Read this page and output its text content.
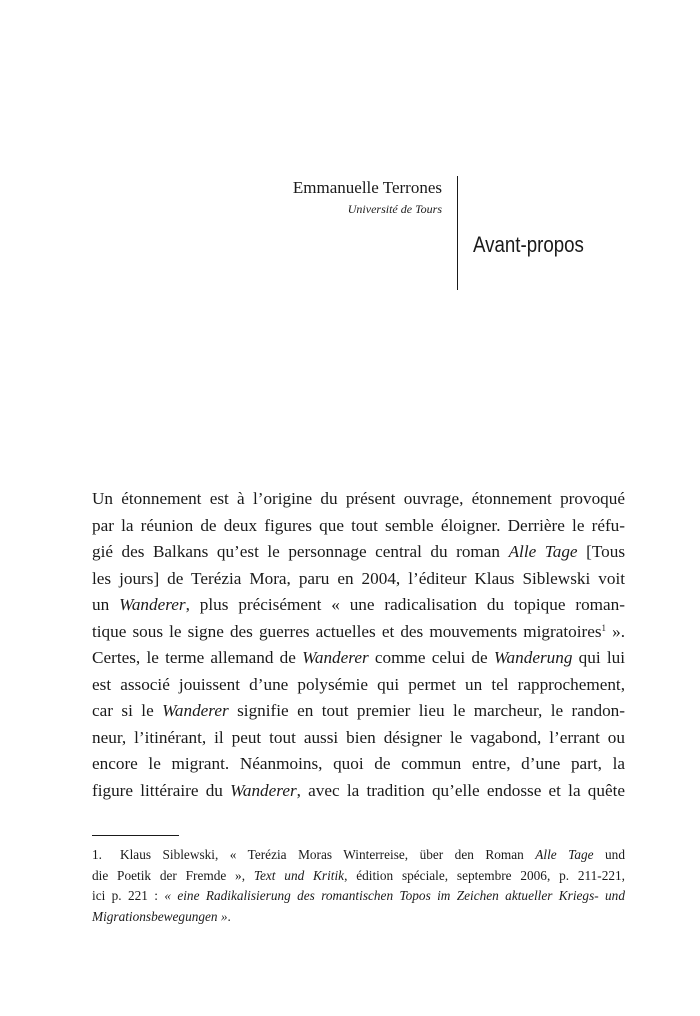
Emmanuelle Terrones
Université de Tours
Avant-propos
Un étonnement est à l’origine du présent ouvrage, étonnement provoqué
par la réunion de deux figures que tout semble éloigner. Derrière le réfu-
gié des Balkans qu’est le personnage central du roman Alle Tage [Tous
les jours] de Terézia Mora, paru en 2004, l’éditeur Klaus Siblewski voit
un Wanderer, plus précisément « une radicalisation du topique roman-
tique sous le signe des guerres actuelles et des mouvements migratoires$^1$ ».
Certes, le terme allemand de Wanderer comme celui de Wanderung qui lui
est associé jouissent d’une polysémie qui permet un tel rapprochement,
car si le Wanderer signifie en tout premier lieu le marcheur, le randon-
neur, l’itinérant, il peut tout aussi bien désigner le vagabond, l’errant ou
encore le migrant. Néanmoins, quoi de commun entre, d’une part, la
figure littéraire du Wanderer, avec la tradition qu’elle endosse et la quête
1. Klaus Siblewski, « Terézia Moras Winterreise, über den Roman Alle Tage und
die Poetik der Fremde », Text und Kritik, édition spéciale, septembre 2006, p. 211-221,
ici p. 221 : « eine Radikalisierung des romantischen Topos im Zeichen aktueller Kriegs- und
Migrationsbewegungen ».
